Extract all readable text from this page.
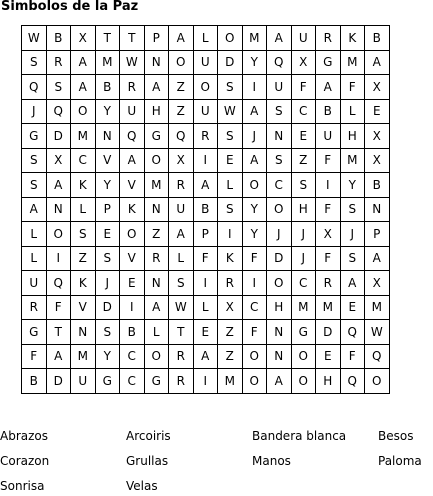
Simbolos de la Paz
W	B	X	T	T	P	A	L	O	M	A	U	R	K	B
S	R	A	M	W	N	O	U	D	Y	Q	X	G	M	A
Q	S	A	B	R	A	Z	O	S	I	U	F	A	F	X
J	Q	O	Y	U	H	Z	U	W	A	S	C	B	L	E
G	D	M	N	Q	G	Q	R	S	J	N	E	U	H	X
S	X	C	V	A	O	X	I	E	A	S	Z	F	M	X
S	A	K	Y	V	M	R	A	L	O	C	S	I	Y	B
A	N	L	P	K	N	U	B	S	Y	O	H	F	S	N
L	O	S	E	O	Z	A	P	I	Y	J	J	X	J	P
L	I	Z	S	V	R	L	F	K	F	D	J	F	S	A
U	Q	K	J	E	N	S	I	R	I	O	C	R	A	X
R	F	V	D	I	A	W	L	X	C	H	M	M	E	M
G	T	N	S	B	L	T	E	Z	F	N	G	D	Q	W
F	A	M	Y	C	O	R	A	Z	O	N	O	E	F	Q
B	D	U	G	C	G	R	I	M	O	A	O	H	Q	O
Abrazos	Arcoiris	Bandera blanca	Besos
Corazon	Grullas	Manos	Paloma
Sonrisa	Velas
